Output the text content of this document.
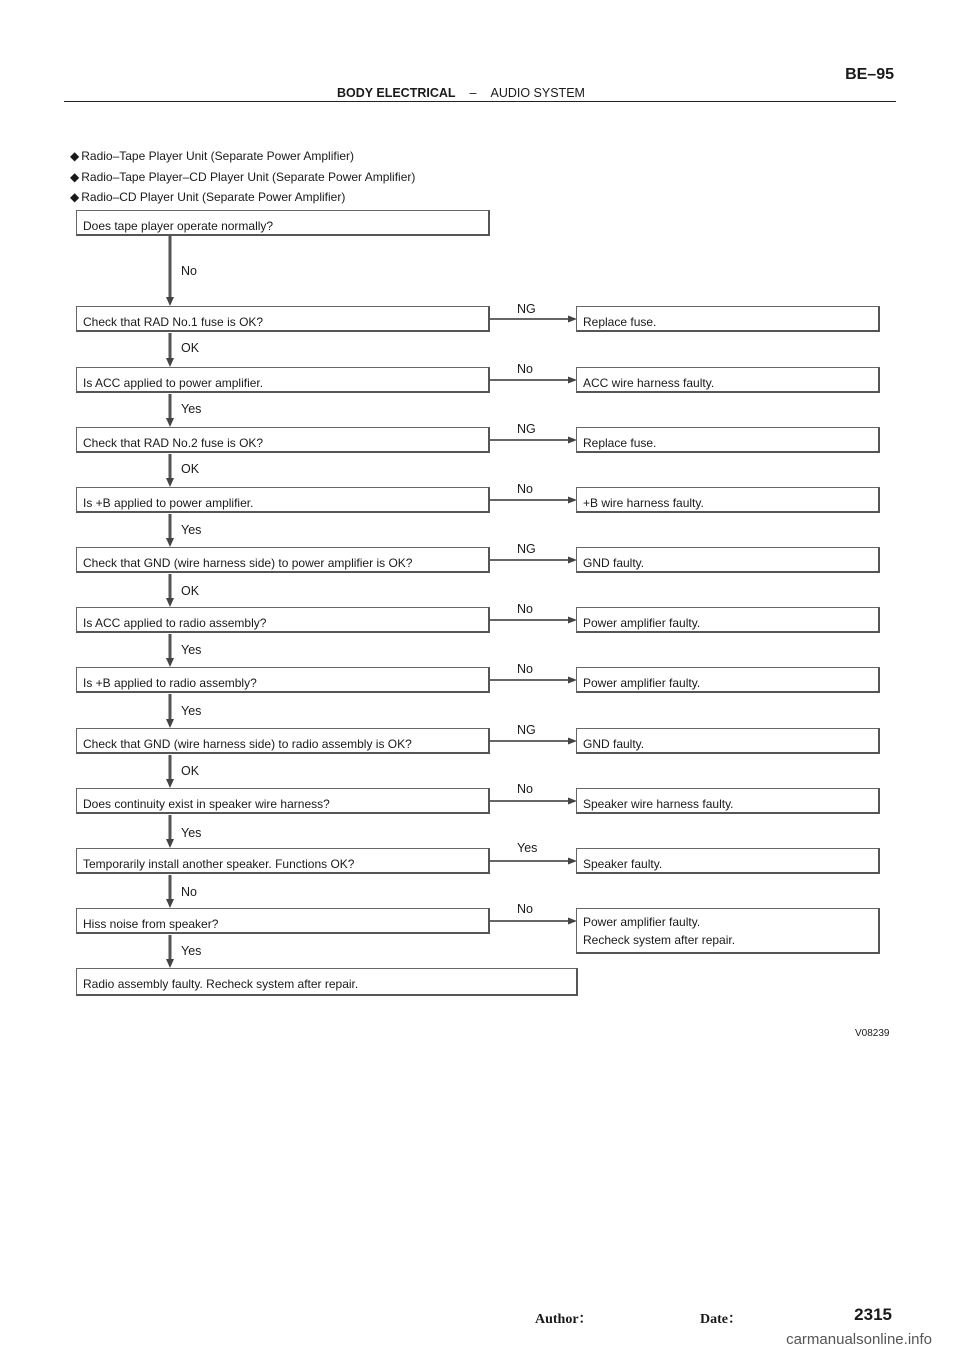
BE–95
BODY ELECTRICAL – AUDIO SYSTEM
◆ Radio–Tape Player Unit (Separate Power Amplifier)
◆ Radio–Tape Player–CD Player Unit (Separate Power Amplifier)
◆ Radio–CD Player Unit (Separate Power Amplifier)
Does tape player operate normally?
No
Check that RAD No.1 fuse is OK?
NG
Replace fuse.
OK
Is ACC applied to power amplifier.
No
ACC wire harness faulty.
Yes
Check that RAD No.2 fuse is OK?
NG
Replace fuse.
OK
Is +B applied to power amplifier.
No
+B wire harness faulty.
Yes
Check that GND (wire harness side) to power amplifier is OK?
NG
GND faulty.
OK
Is ACC applied to radio assembly?
No
Power amplifier faulty.
Yes
Is +B applied to radio assembly?
No
Power amplifier faulty.
Yes
Check that GND (wire harness side) to radio assembly is OK?
NG
GND faulty.
OK
Does continuity exist in speaker wire harness?
No
Speaker wire harness faulty.
Yes
Temporarily install another speaker. Functions OK?
Yes
Speaker faulty.
No
Hiss noise from speaker?
No
Power amplifier faulty.
Recheck system after repair.
Yes
Radio assembly faulty. Recheck system after repair.
V08239
Author：	Date：	2315
carmanualsonline.info
